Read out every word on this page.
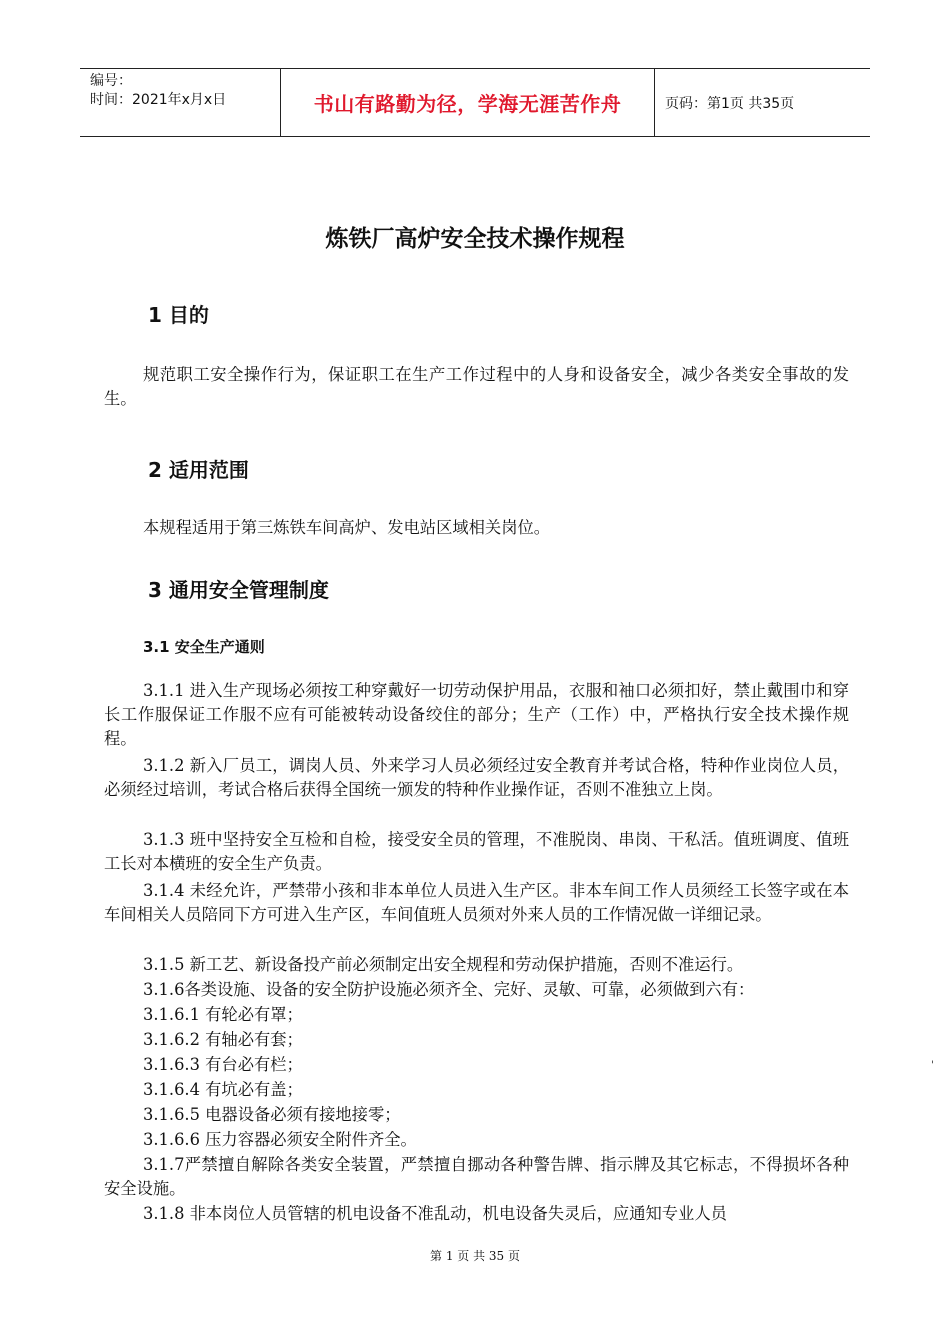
编号：
时间：2021年x月x日	书山有路勤为径，学海无涯苦作舟	页码：第1页 共35页
炼铁厂高炉安全技术操作规程
1 目的

规范职工安全操作行为，保证职工在生产工作过程中的人身和设备安全，减少各类安全事故的发生。

2 适用范围

本规程适用于第三炼铁车间高炉、发电站区域相关岗位。

3 通用安全管理制度
3.1 安全生产通则

3.1.1 进入生产现场必须按工种穿戴好一切劳动保护用品，衣服和袖口必须扣好，禁止戴围巾和穿长工作服保证工作服不应有可能被转动设备绞住的部分；生产（工作）中，严格执行安全技术操作规程。

3.1.2 新入厂员工，调岗人员、外来学习人员必须经过安全教育并考试合格，特种作业岗位人员，必须经过培训，考试合格后获得全国统一颁发的特种作业操作证，否则不准独立上岗。

3.1.3 班中坚持安全互检和自检，接受安全员的管理，不准脱岗、串岗、干私活。值班调度、值班工长对本横班的安全生产负责。

3.1.4 未经允许，严禁带小孩和非本单位人员进入生产区。非本车间工作人员须经工长签字或在本车间相关人员陪同下方可进入生产区，车间值班人员须对外来人员的工作情况做一详细记录。

3.1.5 新工艺、新设备投产前必须制定出安全规程和劳动保护措施，否则不准运行。

3.1.6各类设施、设备的安全防护设施必须齐全、完好、灵敏、可靠，必须做到六有：

3.1.6.1 有轮必有罩；

3.1.6.2 有轴必有套；

3.1.6.3 有台必有栏；

3.1.6.4 有坑必有盖；

3.1.6.5 电器设备必须有接地接零；

3.1.6.6 压力容器必须安全附件齐全。

3.1.7严禁擅自解除各类安全装置，严禁擅自挪动各种警告牌、指示牌及其它标志，不得损坏各种安全设施。

3.1.8 非本岗位人员管辖的机电设备不准乱动，机电设备失灵后，应通知专业人员

'
第 1 页 共 35 页
